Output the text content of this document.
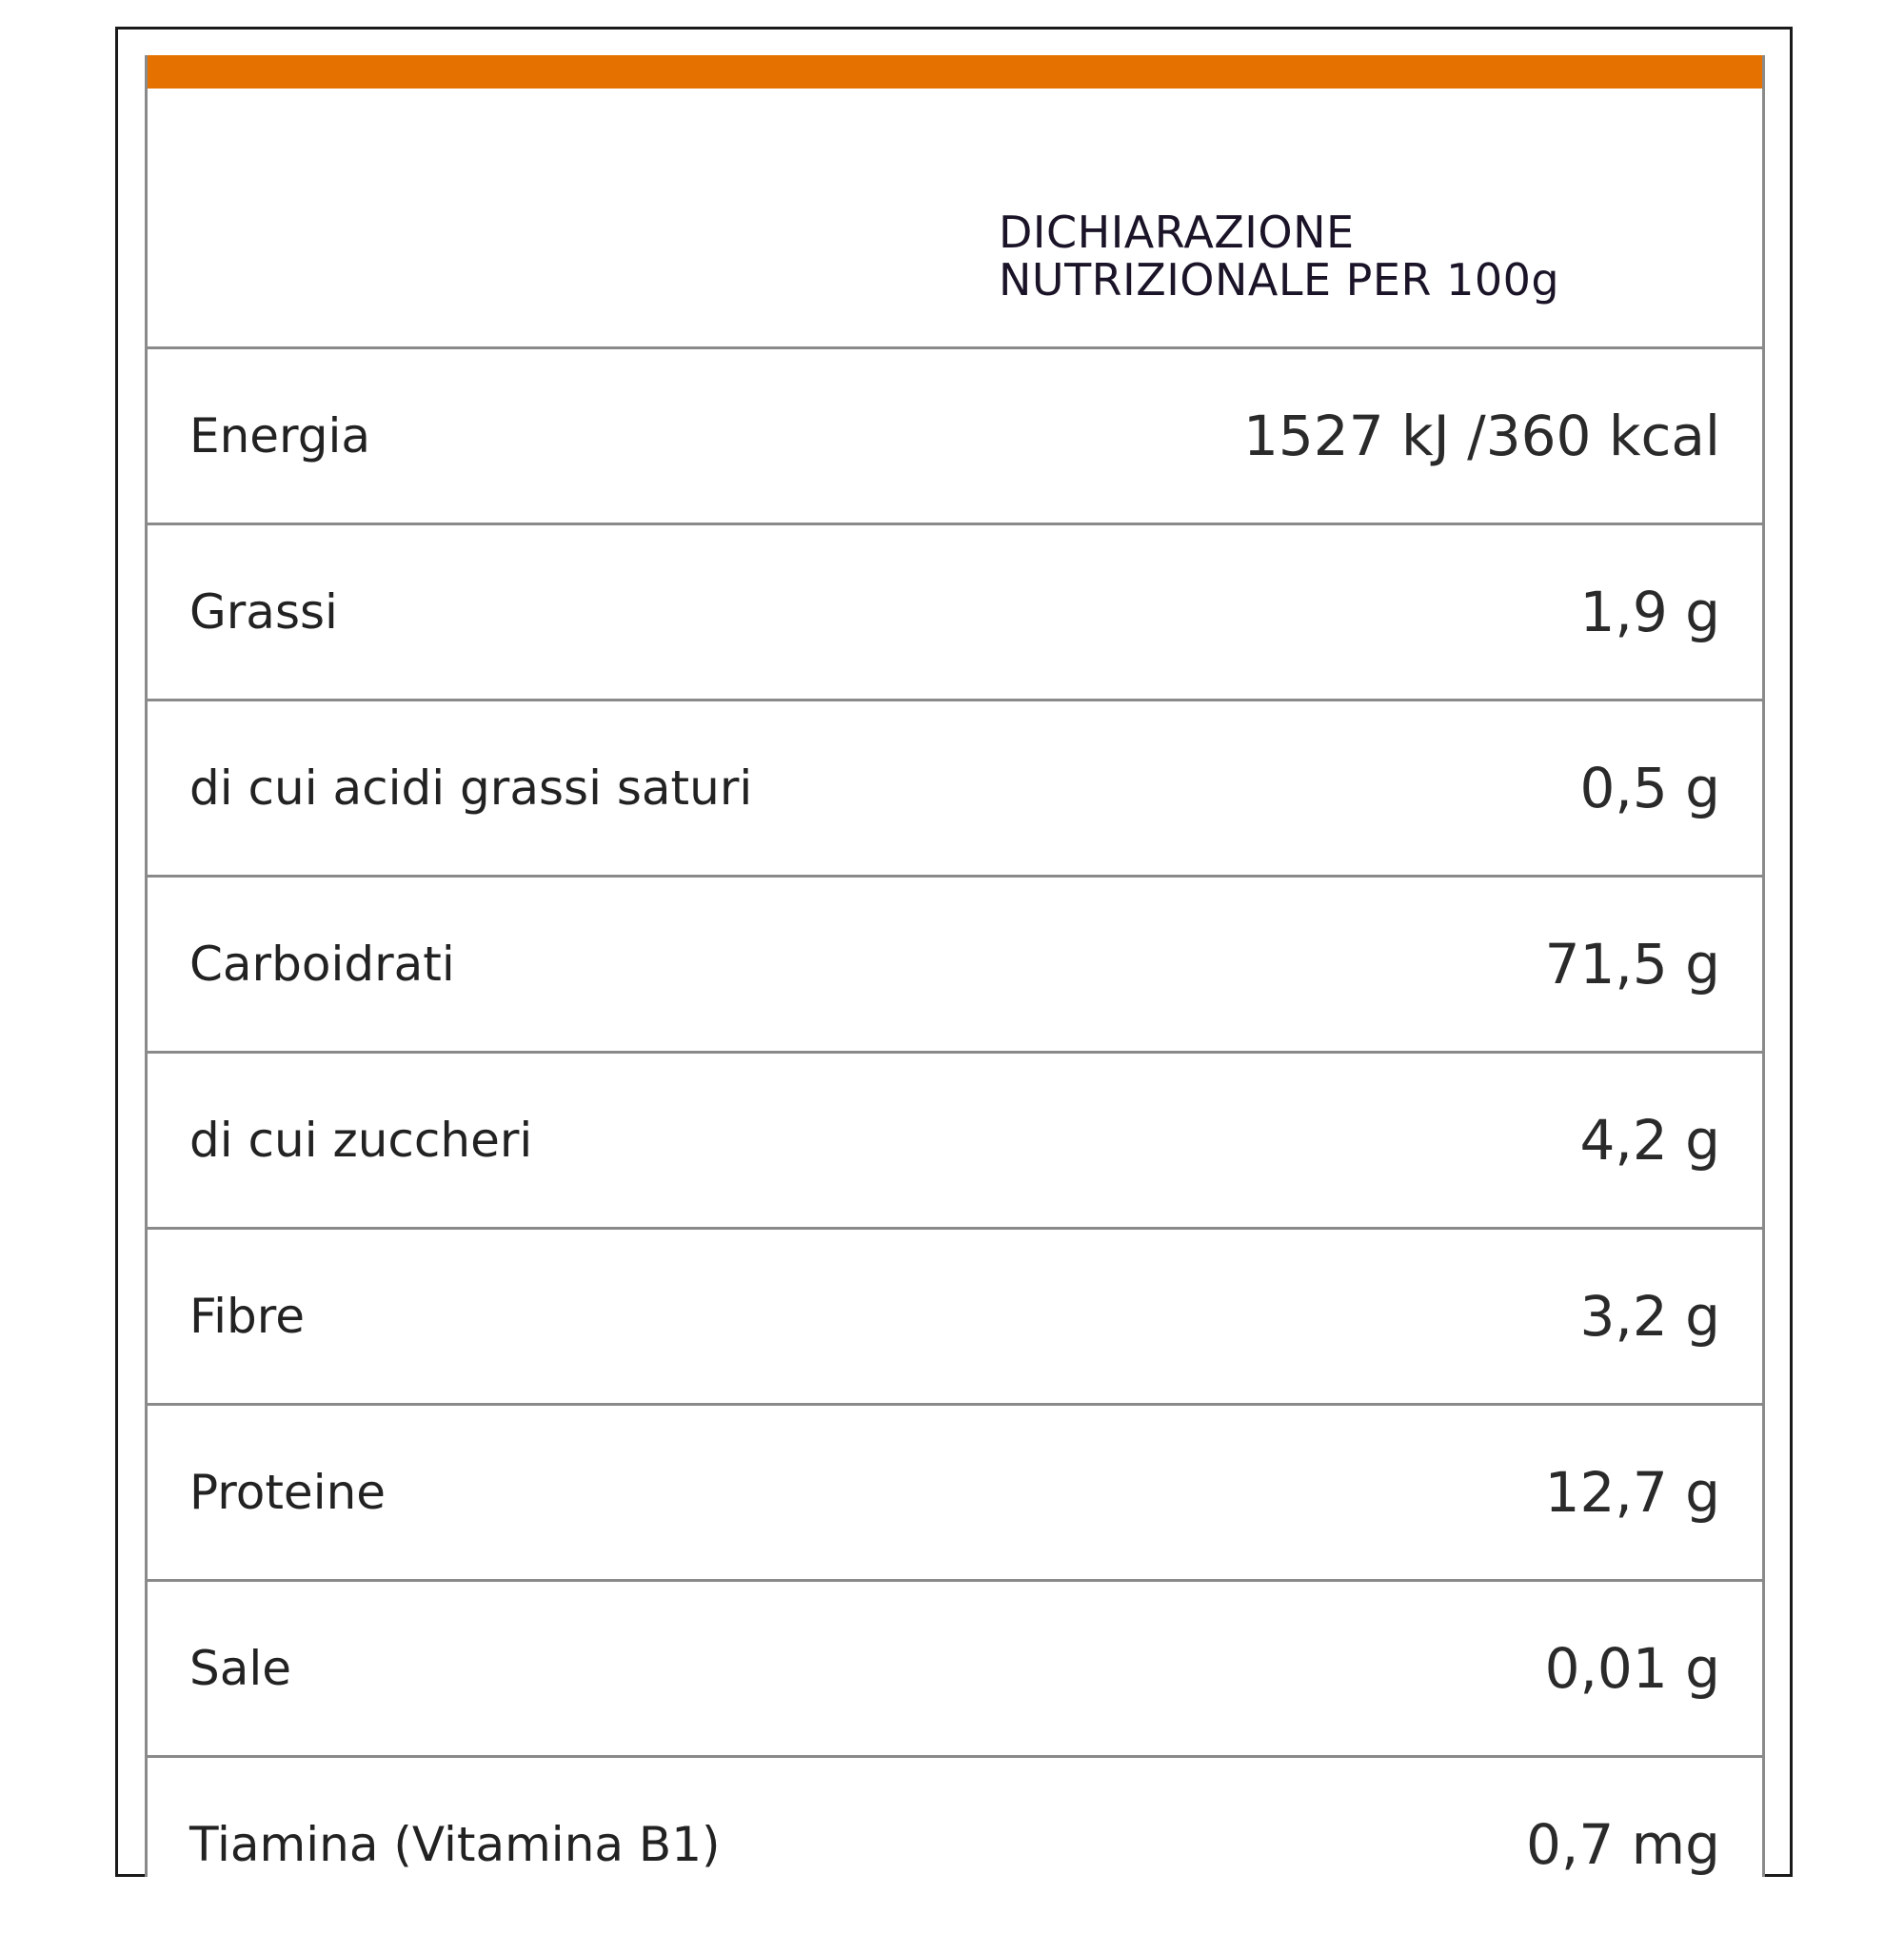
DICHIARAZIONE
NUTRIZIONALE PER 100g
Energia	1527 kJ /360 kcal
Grassi	1,9 g
di cui acidi grassi saturi	0,5 g
Carboidrati	71,5 g
di cui zuccheri	4,2 g
Fibre	3,2 g
Proteine	12,7 g
Sale	0,01 g
Tiamina (Vitamina B1)	0,7 mg
